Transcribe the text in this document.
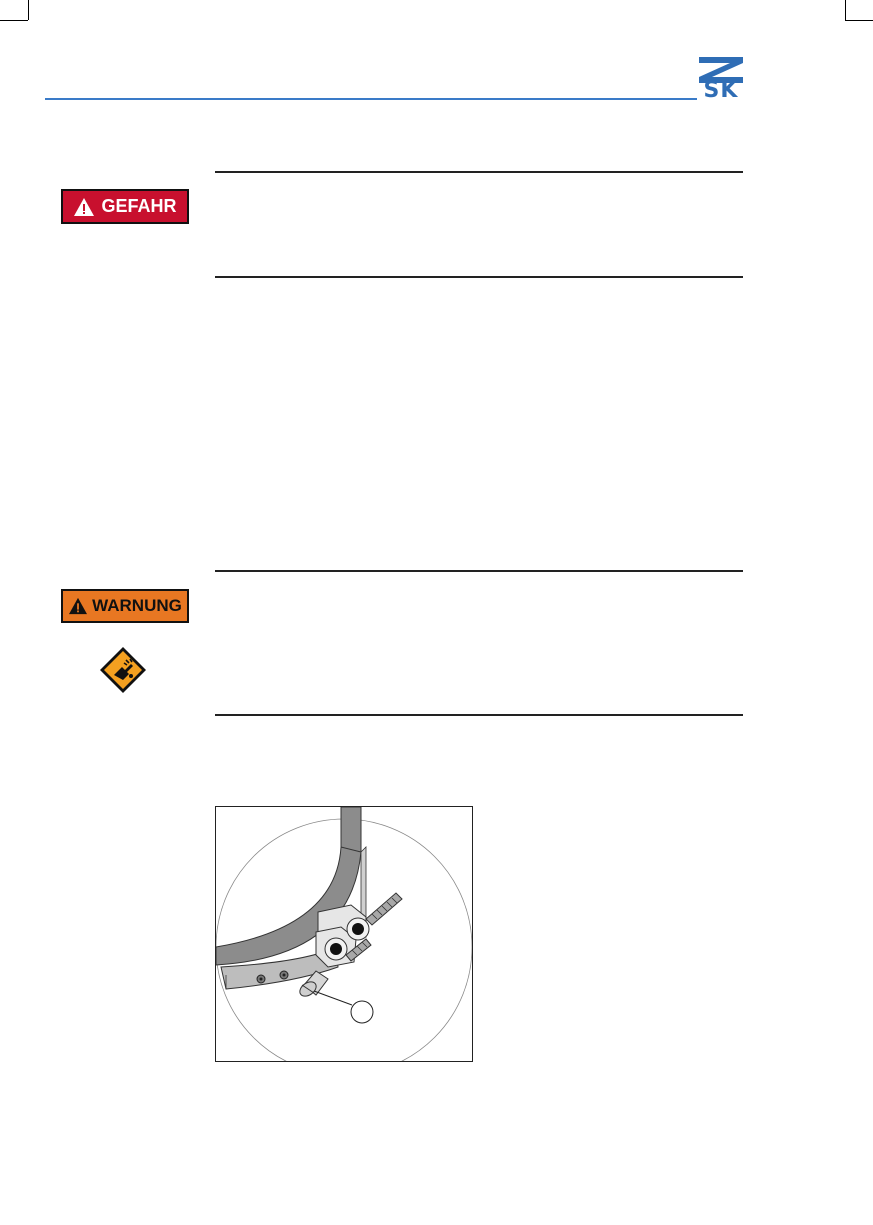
SK
GEFAHR
WARNUNG
